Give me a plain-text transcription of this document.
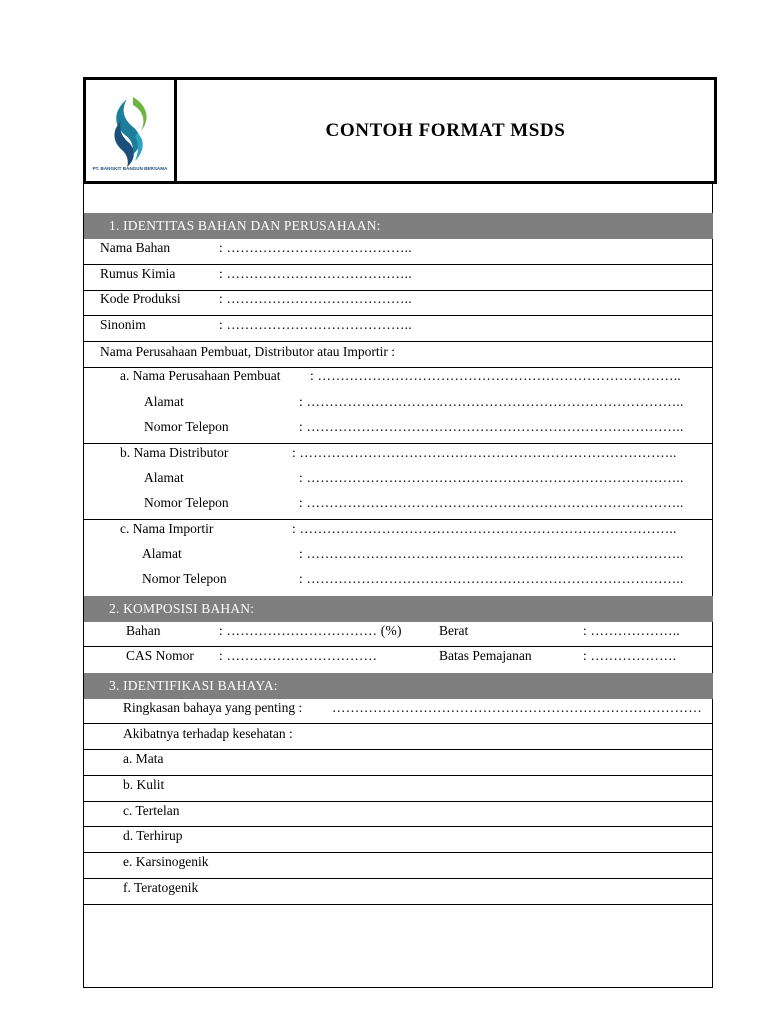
PT. BANGKIT BANGUN BERSAMA
CONTOH FORMAT MSDS
1. IDENTITAS BAHAN DAN PERUSAHAAN:
Nama Bahan	: …………………………………..
Rumus Kimia	: …………………………………..
Kode Produksi	: …………………………………..
Sinonim	: …………………………………..
Nama Perusahaan Pembuat, Distributor atau Importir :
a. Nama Perusahaan Pembuat : ……………………………………………………………………..
Alamat	: ………………………………………………………………………..
Nomor Telepon	: ………………………………………………………………………..
b. Nama Distributor	: ………………………………………………………………………..
Alamat	: ………………………………………………………………………..
Nomor Telepon	: ………………………………………………………………………..
c. Nama Importir	: ………………………………………………………………………..
Alamat	: ………………………………………………………………………..
Nomor Telepon	: ………………………………………………………………………..
2. KOMPOSISI BAHAN:
Bahan	: …………………………… (%)	Berat	: ………………..
CAS Nomor : ……………………………	Batas Pemajanan	: ……………….
3. IDENTIFIKASI BAHAYA:
Ringkasan bahaya yang penting : ………………………………………………………………………
Akibatnya terhadap kesehatan :
a. Mata
b. Kulit
c. Tertelan
d. Terhirup
e. Karsinogenik
f. Teratogenik
